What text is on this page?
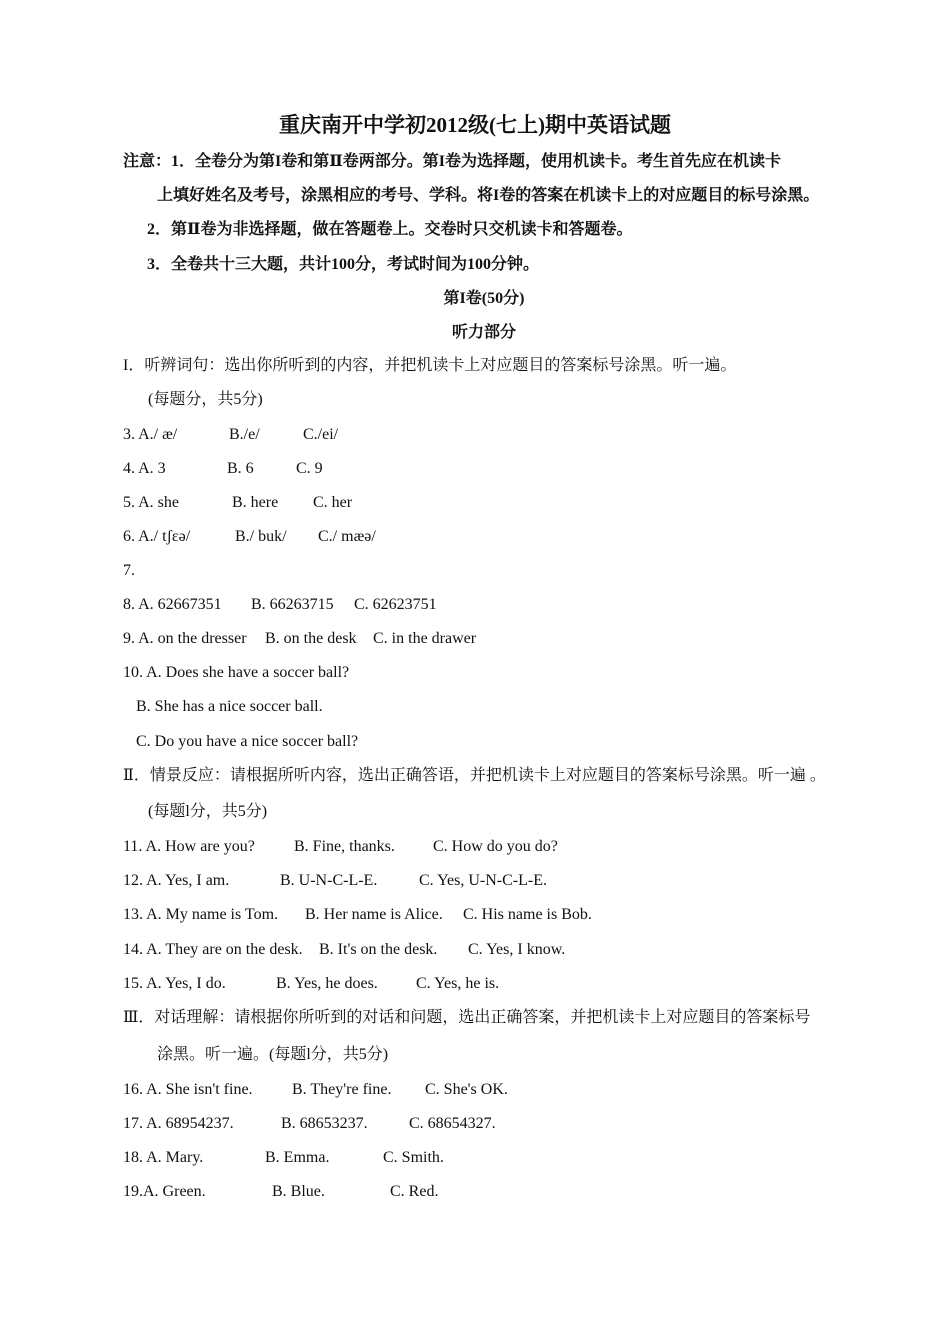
重庆南开中学初2012级(七上)期中英语试题
注意：1．全卷分为第I卷和第Ⅱ卷两部分。第I卷为选择题，使用机读卡。考生首先应在机读卡
上填好姓名及考号，涂黑相应的考号、学科。将I卷的答案在机读卡上的对应题目的标号涂黑。
2．第Ⅱ卷为非选择题，做在答题卷上。交卷时只交机读卡和答题卷。
3．全卷共十三大题，共计100分，考试时间为100分钟。
第I卷(50分)
听力部分
I．听辨词句：选出你所听到的内容，并把机读卡上对应题目的答案标号涂黑。听一遍。
(每题分，共5分)
3. A./ æ/	B./e/	C./ei/
4. A. 3	B. 6	C. 9
5. A. she	B. here C. her
6. A./ tʃɛə/	B./ buk/ C./ mæə/
7.
8. A. 62667351 B. 66263715 C. 62623751
9. A. on the dresser B. on the desk C. in the drawer
10. A. Does she have a soccer ball?
B. She has a nice soccer ball.
C. Do you have a nice soccer ball?
Ⅱ．情景反应：请根据所听内容，选出正确答语，并把机读卡上对应题目的答案标号涂黑。听一遍 。
(每题l分，共5分)
11. A. How are you? B. Fine, thanks. C. How do you do?
12. A. Yes, I am.	B. U-N-C-L-E.	C. Yes, U-N-C-L-E.
13. A. My name is Tom. B. Her name is Alice. C. His name is Bob.
14. A. They are on the desk. B. It's on the desk. C. Yes, I know.
15. A. Yes, I do.	B. Yes, he does. C. Yes, he is.
Ⅲ．对话理解：请根据你所听到的对话和问题，选出正确答案，并把机读卡上对应题目的答案标号
涂黑。听一遍。(每题l分，共5分)
16. A. She isn't fine. B. They're fine. C. She's OK.
17. A. 68954237.	B. 68653237.	C. 68654327.
18. A. Mary.	B. Emma.	C. Smith.
19.A. Green.	B. Blue.	C. Red.
